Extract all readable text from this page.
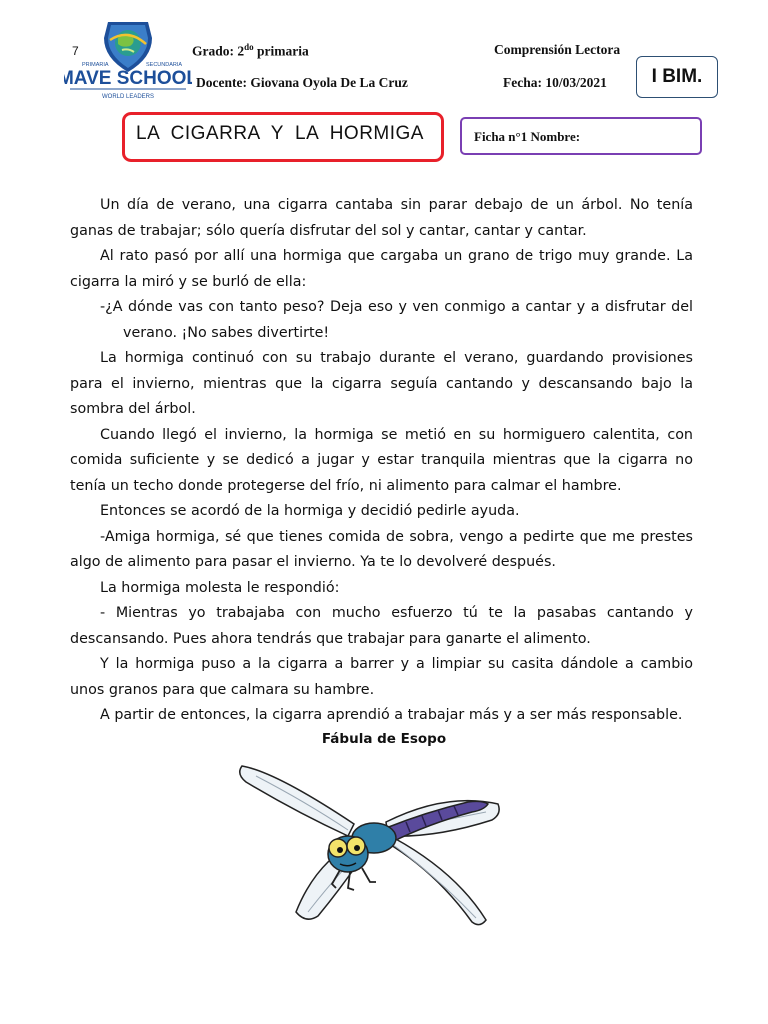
7
PRIMARIA	SECUNDARIA
MAVE SCHOOL
WORLD LEADERS
Grado: $2^{do}$ primaria
Docente: Giovana Oyola De La Cruz
Comprensión Lectora
Fecha: 10/03/2021	I BIM.
LA CIGARRA Y LA HORMIGA	Ficha n°1 Nombre:

Un día de verano, una cigarra cantaba sin parar debajo de un árbol. No tenía ganas de trabajar; sólo quería disfrutar del sol y cantar, cantar y cantar.

Al rato pasó por allí una hormiga que cargaba un grano de trigo muy grande. La cigarra la miró y se burló de ella:

-¿A dónde vas con tanto peso? Deja eso y ven conmigo a cantar y a disfrutar del verano. ¡No sabes divertirte!

La hormiga continuó con su trabajo durante el verano, guardando provisiones para el invierno, mientras que la cigarra seguía cantando y descansando bajo la sombra del árbol.

Cuando llegó el invierno, la hormiga se metió en su hormiguero calentita, con comida suficiente y se dedicó a jugar y estar tranquila mientras que la cigarra no tenía un techo donde protegerse del frío, ni alimento para calmar el hambre.

Entonces se acordó de la hormiga y decidió pedirle ayuda.

-Amiga hormiga, sé que tienes comida de sobra, vengo a pedirte que me prestes algo de alimento para pasar el invierno. Ya te lo devolveré después.

La hormiga molesta le respondió:

- Mientras yo trabajaba con mucho esfuerzo tú te la pasabas cantando y descansando. Pues ahora tendrás que trabajar para ganarte el alimento.

Y la hormiga puso a la cigarra a barrer y a limpiar su casita dándole a cambio unos granos para que calmara su hambre.

A partir de entonces, la cigarra aprendió a trabajar más y a ser más responsable.

Fábula de Esopo
